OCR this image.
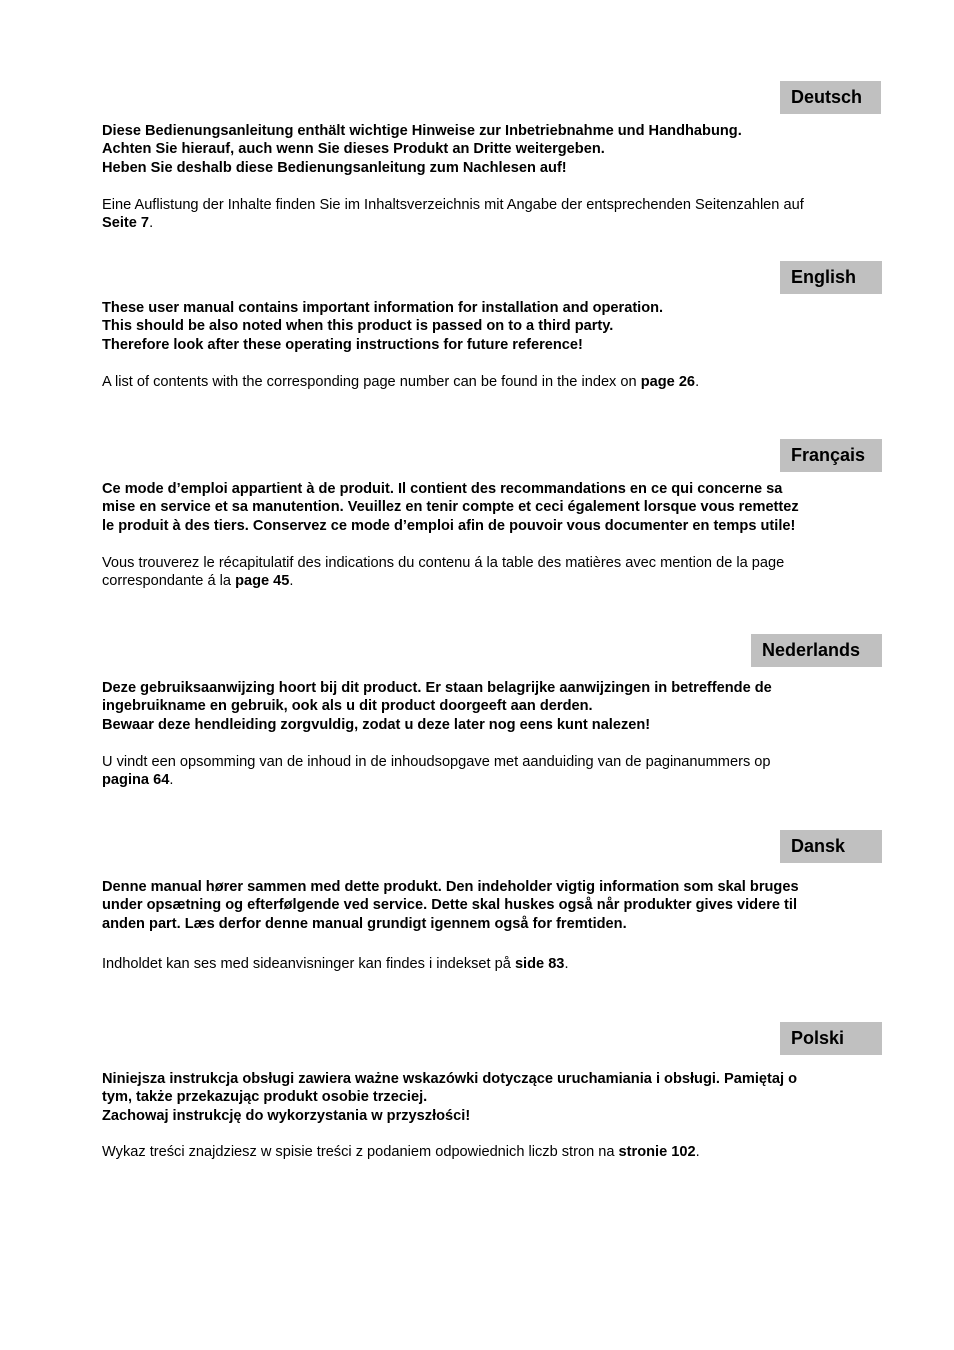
Deutsch
Diese Bedienungsanleitung enthält wichtige Hinweise zur Inbetriebnahme und Handhabung.
Achten Sie hierauf, auch wenn Sie dieses Produkt an Dritte weitergeben.
Heben Sie deshalb diese Bedienungsanleitung zum Nachlesen auf!
Eine Auflistung der Inhalte finden Sie im Inhaltsverzeichnis mit Angabe der entsprechenden Seitenzahlen auf
Seite 7.
English
These user manual contains important information for installation and operation.
This should be also noted when this product is passed on to a third party.
Therefore look after these operating instructions for future reference!
A list of contents with the corresponding page number can be found in the index on page 26.
Français
Ce mode d’emploi appartient à de produit. Il contient des recommandations en ce qui concerne sa
mise en service et sa manutention. Veuillez en tenir compte et ceci également lorsque vous remettez
le produit à des tiers. Conservez ce mode d’emploi afin de pouvoir vous documenter en temps utile!
Vous trouverez le récapitulatif des indications du contenu á la table des matières avec mention de la page
correspondante á la page 45.
Nederlands
Deze gebruiksaanwijzing hoort bij dit product. Er staan belagrijke aanwijzingen in betreffende de
ingebruikname en gebruik, ook als u dit product doorgeeft aan derden.
Bewaar deze hendleiding zorgvuldig, zodat u deze later nog eens kunt nalezen!
U vindt een opsomming van de inhoud in de inhoudsopgave met aanduiding van de paginanummers op
pagina 64.
Dansk
Denne manual hører sammen med dette produkt. Den indeholder vigtig information som skal bruges
under opsætning og efterfølgende ved service. Dette skal huskes også når produkter gives videre til
anden part. Læs derfor denne manual grundigt igennem også for fremtiden.
Indholdet kan ses med sideanvisninger kan findes i indekset på side 83.
Polski
Niniejsza instrukcja obsługi zawiera ważne wskazówki dotyczące uruchamiania i obsługi. Pamiętaj o
tym, także przekazując produkt osobie trzeciej.
Zachowaj instrukcję do wykorzystania w przyszłości!
Wykaz treści znajdziesz w spisie treści z podaniem odpowiednich liczb stron na stronie 102.
